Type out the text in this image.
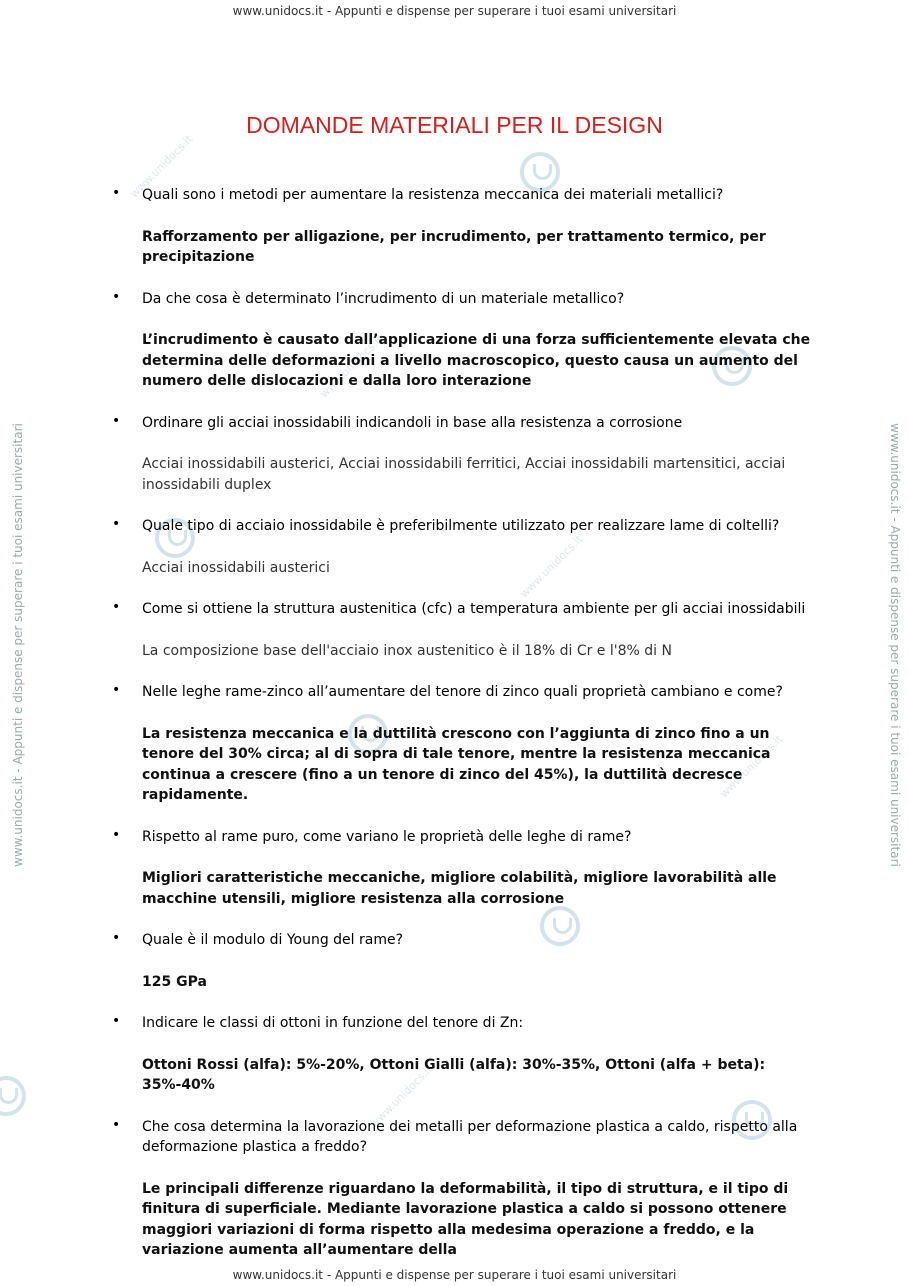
www.unidocs.it - Appunti e dispense per superare i tuoi esami universitari
www.unidocs.it - Appunti e dispense per superare i tuoi esami universitari
www.unidocs.it - Appunti e dispense per superare i tuoi esami universitari	www.unidocs.it - Appunti e dispense per superare i tuoi esami universitari
www.unidocs.it
www.unidocs.it
www.unidocs.it
www.unidocs.it
www.unidocs.it
DOMANDE MATERIALI PER IL DESIGN
• Quali sono i metodi per aumentare la resistenza meccanica dei materiali metallici?
Rafforzamento per alligazione, per incrudimento, per trattamento termico, per precipitazione
• Da che cosa è determinato l’incrudimento di un materiale metallico?
L’incrudimento è causato dall’applicazione di una forza sufficientemente elevata che determina delle deformazioni a livello macroscopico, questo causa un aumento del numero delle dislocazioni e dalla loro interazione
• Ordinare gli acciai inossidabili indicandoli in base alla resistenza a corrosione
Acciai inossidabili austerici, Acciai inossidabili ferritici, Acciai inossidabili martensitici, acciai inossidabili duplex
• Quale tipo di acciaio inossidabile è preferibilmente utilizzato per realizzare lame di coltelli?
Acciai inossidabili austerici
• Come si ottiene la struttura austenitica (cfc) a temperatura ambiente per gli acciai inossidabili
La composizione base dell'acciaio inox austenitico è il 18% di Cr e l'8% di N
• Nelle leghe rame-zinco all’aumentare del tenore di zinco quali proprietà cambiano e come?
La resistenza meccanica e la duttilità crescono con l’aggiunta di zinco fino a un tenore del 30% circa; al di sopra di tale tenore, mentre la resistenza meccanica continua a crescere (fino a un tenore di zinco del 45%), la duttilità decresce rapidamente.
• Rispetto al rame puro, come variano le proprietà delle leghe di rame?
Migliori caratteristiche meccaniche, migliore colabilità, migliore lavorabilità alle macchine utensili, migliore resistenza alla corrosione
• Quale è il modulo di Young del rame?
125 GPa
• Indicare le classi di ottoni in funzione del tenore di Zn:
Ottoni Rossi (alfa): 5%-20%, Ottoni Gialli (alfa): 30%-35%, Ottoni (alfa + beta): 35%-40%
• Che cosa determina la lavorazione dei metalli per deformazione plastica a caldo, rispetto alla deformazione plastica a freddo?
Le principali differenze riguardano la deformabilità, il tipo di struttura, e il tipo di finitura di superficiale. Mediante lavorazione plastica a caldo si possono ottenere maggiori variazioni di forma rispetto alla medesima operazione a freddo, e la variazione aumenta all’aumentare della
